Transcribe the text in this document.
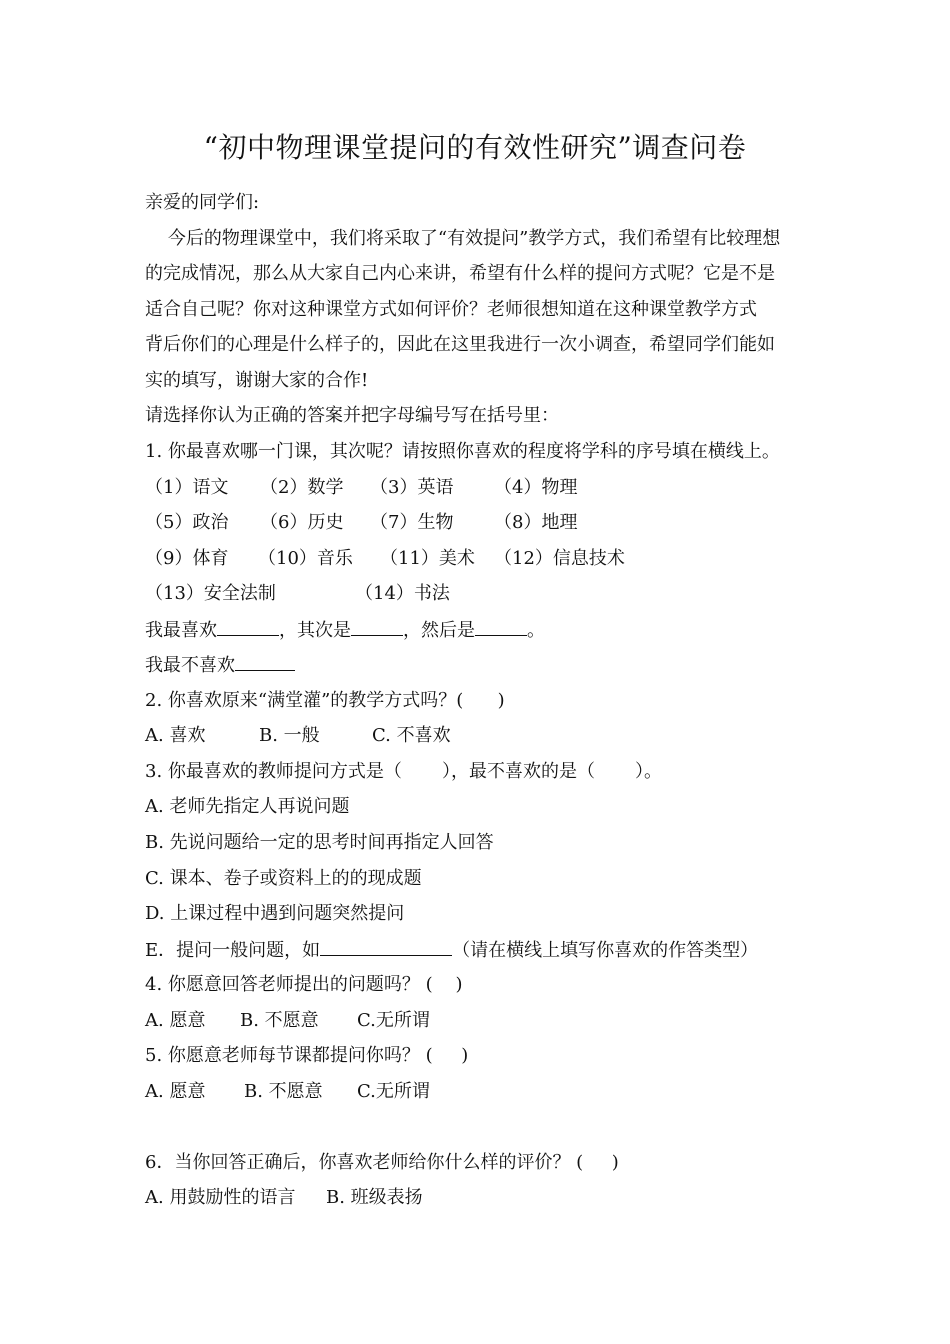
“初中物理课堂提问的有效性研究”调查问卷
亲爱的同学们:
今后的物理课堂中，我们将采取了“有效提问”教学方式，我们希望有比较理想
的完成情况，那么从大家自己内心来讲，希望有什么样的提问方式呢？它是不是
适合自己呢？你对这种课堂方式如何评价？老师很想知道在这种课堂教学方式
背后你们的心理是什么样子的，因此在这里我进行一次小调查，希望同学们能如
实的填写，谢谢大家的合作!
请选择你认为正确的答案并把字母编号写在括号里：
1. 你最喜欢哪一门课，其次呢？请按照你喜欢的程度将学科的序号填在横线上。
（1）语文 （2）数学 （3）英语 （4）物理
（5）政治 （6）历史 （7）生物 （8）地理
（9）体育 （10）音乐 （11）美术 （12）信息技术
（13）安全法制	（14）书法
我最喜欢	，其次是	，然后是	。
我最不喜欢
2. 你喜欢原来“满堂灌”的教学方式吗？(      )
A. 喜欢	B. 一般	C. 不喜欢
3. 你最喜欢的教师提问方式是（       ），最不喜欢的是（       ）。
A. 老师先指定人再说问题
B. 先说问题给一定的思考时间再指定人回答
C. 课本、卷子或资料上的的现成题
D. 上课过程中遇到问题突然提问
E．提问一般问题，如	（请在横线上填写你喜欢的作答类型）
4. 你愿意回答老师提出的问题吗？ (    )
A. 愿意 B. 不愿意 C.无所谓
5. 你愿意老师每节课都提问你吗？ (     )
A. 愿意 B. 不愿意 C.无所谓
6．当你回答正确后，你喜欢老师给你什么样的评价？ (     )
A. 用鼓励性的语言 B. 班级表扬
